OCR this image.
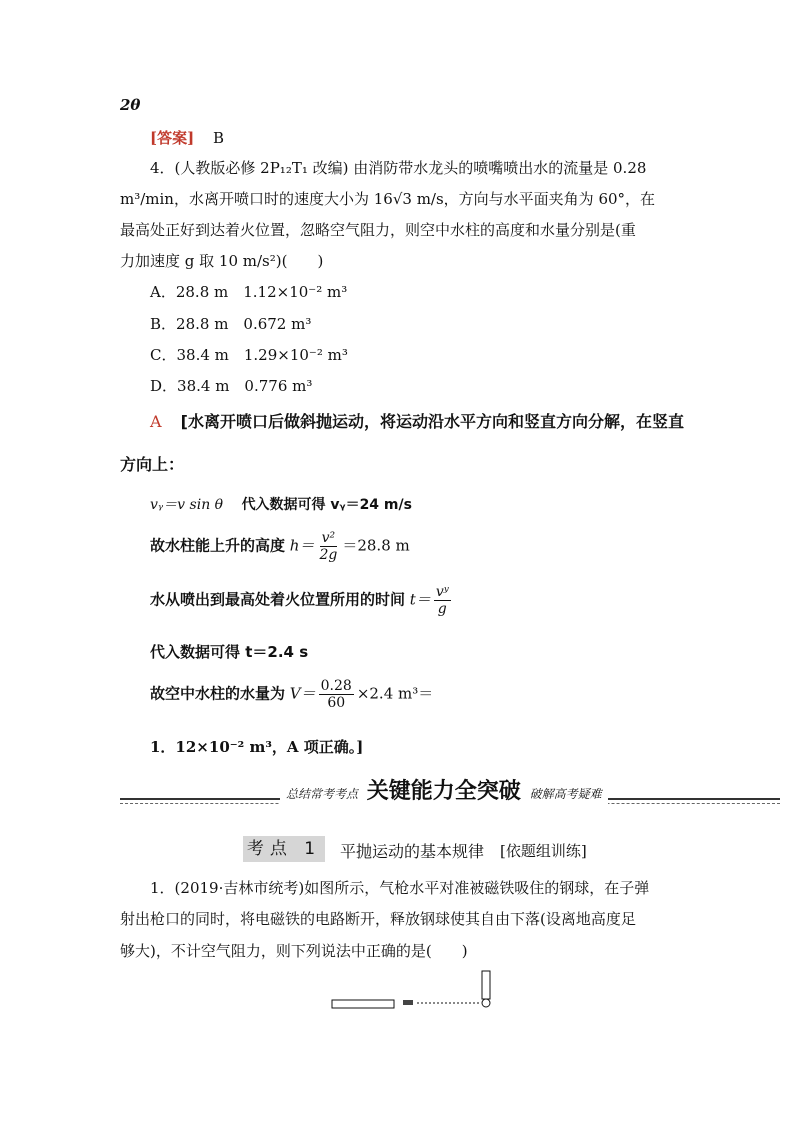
2θ
[答案] B
4．(人教版必修 2P₁₂T₁ 改编) 由消防带水龙头的喷嘴喷出水的流量是 0.28
m³/min，水离开喷口时的速度大小为 16√3 m/s，方向与水平面夹角为 60°，在
最高处正好到达着火位置，忽略空气阻力，则空中水柱的高度和水量分别是(重
力加速度 g 取 10 m/s²)(　　)
A．28.8 m　1.12×10⁻² m³
B．28.8 m　0.672 m³
C．38.4 m　1.29×10⁻² m³
D．38.4 m　0.776 m³
A [水离开喷口后做斜抛运动，将运动沿水平方向和竖直方向分解，在竖直
方向上：
vᵧ＝v sin θ 代入数据可得 vᵧ＝24 m/s
故水柱能上升的高度 $h= \frac{\text{v²}}{2g} =28.8$ m
水从喷出到最高处着火位置所用的时间 $t= \frac{\text{vʸ}}{g}$
代入数据可得 t＝2.4 s
故空中水柱的水量为 $V= \frac{0.28}{60} \times 2.4$ m³＝
1．12×10⁻² m³，A 项正确。]
总结常考考点 关键能力全突破 破解高考疑难
考点 1 平抛运动的基本规律 [依题组训练]
1．(2019·吉林市统考)如图所示，气枪水平对准被磁铁吸住的钢球，在子弹
射出枪口的同时，将电磁铁的电路断开，释放钢球使其自由下落(设离地高度足
够大)，不计空气阻力，则下列说法中正确的是(　　)
